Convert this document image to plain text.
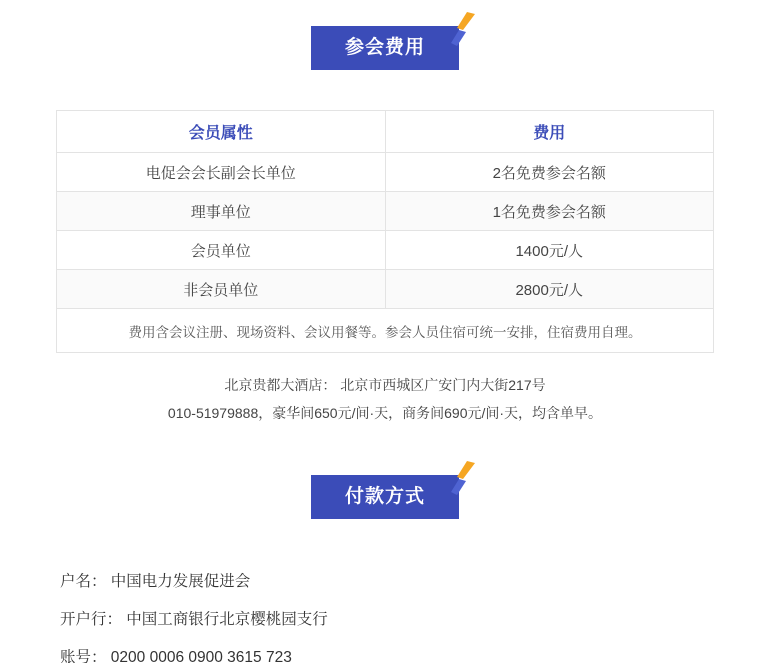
参会费用
会员属性	费用
电促会会长副会长单位	2名免费参会名额
理事单位	1名免费参会名额
会员单位	1400元/人
非会员单位	2800元/人
费用含会议注册、现场资料、会议用餐等。参会人员住宿可统一安排，住宿费用自理。	
北京贵都大酒店： 北京市西城区广安门内大街217号
010-51979888，豪华间650元/间·天，商务间690元/间·天，均含单早。
付款方式
户名： 中国电力发展促进会
开户行： 中国工商银行北京樱桃园支行
账号： 0200 0006 0900 3615 723
